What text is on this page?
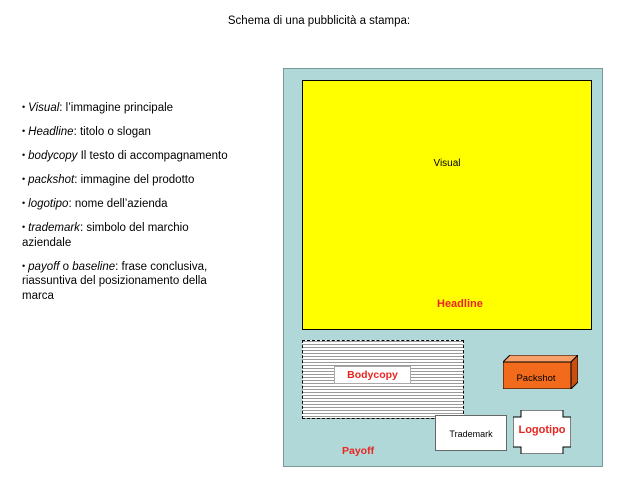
Schema di una pubblicità a stampa:
• Visual: l’immagine principale
• Headline: titolo o slogan
• bodycopy Il testo di accompagnamento
• packshot: immagine del prodotto
• logotipo: nome dell’azienda
• trademark: simbolo del marchio aziendale
• payoff o baseline: frase conclusiva, riassuntiva del posizionamento della marca
Visual
Headline
Bodycopy	Packshot
Trademark	Logotipo
Payoff
